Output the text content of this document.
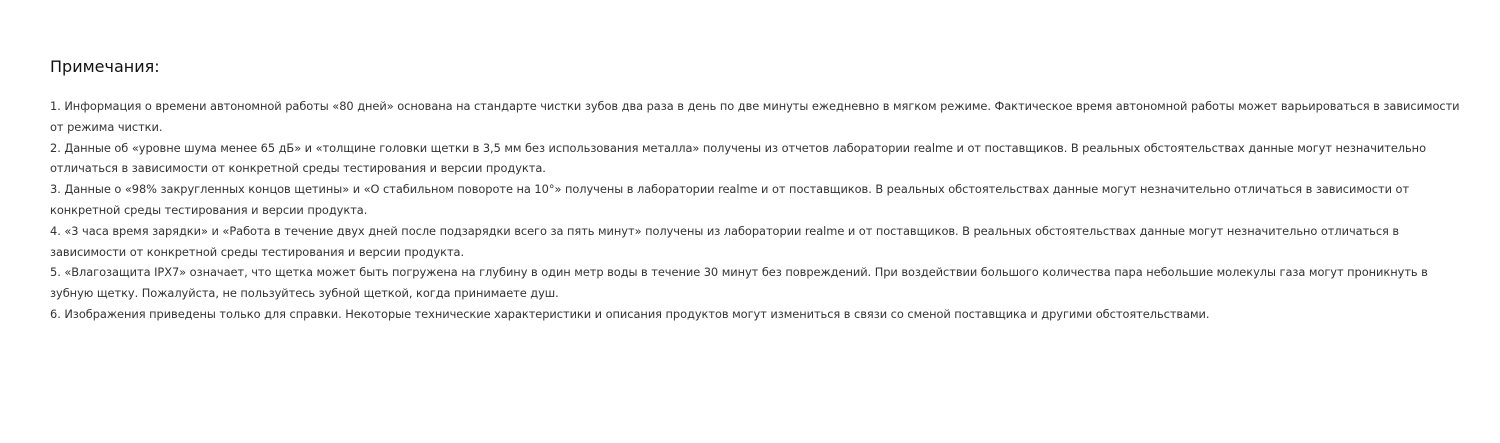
Примечания:
1. Информация о времени автономной работы «80 дней» основана на стандарте чистки зубов два раза в день по две минуты ежедневно в мягком режиме. Фактическое время автономной работы может варьироваться в зависимости от режима чистки.
2. Данные об «уровне шума менее 65 дБ» и «толщине головки щетки в 3,5 мм без использования металла» получены из отчетов лаборатории realme и от поставщиков. В реальных обстоятельствах данные могут незначительно отличаться в зависимости от конкретной среды тестирования и версии продукта.
3. Данные о «98% закругленных концов щетины» и «О стабильном повороте на 10°» получены в лаборатории realme и от поставщиков. В реальных обстоятельствах данные могут незначительно отличаться в зависимости от конкретной среды тестирования и версии продукта.
4. «3 часа время зарядки» и «Работа в течение двух дней после подзарядки всего за пять минут» получены из лаборатории realme и от поставщиков. В реальных обстоятельствах данные могут незначительно отличаться в зависимости от конкретной среды тестирования и версии продукта.
5. «Влагозащита IPX7» означает, что щетка может быть погружена на глубину в один метр воды в течение 30 минут без повреждений. При воздействии большого количества пара небольшие молекулы газа могут проникнуть в зубную щетку. Пожалуйста, не пользуйтесь зубной щеткой, когда принимаете душ.
6. Изображения приведены только для справки. Некоторые технические характеристики и описания продуктов могут измениться в связи со сменой поставщика и другими обстоятельствами.
